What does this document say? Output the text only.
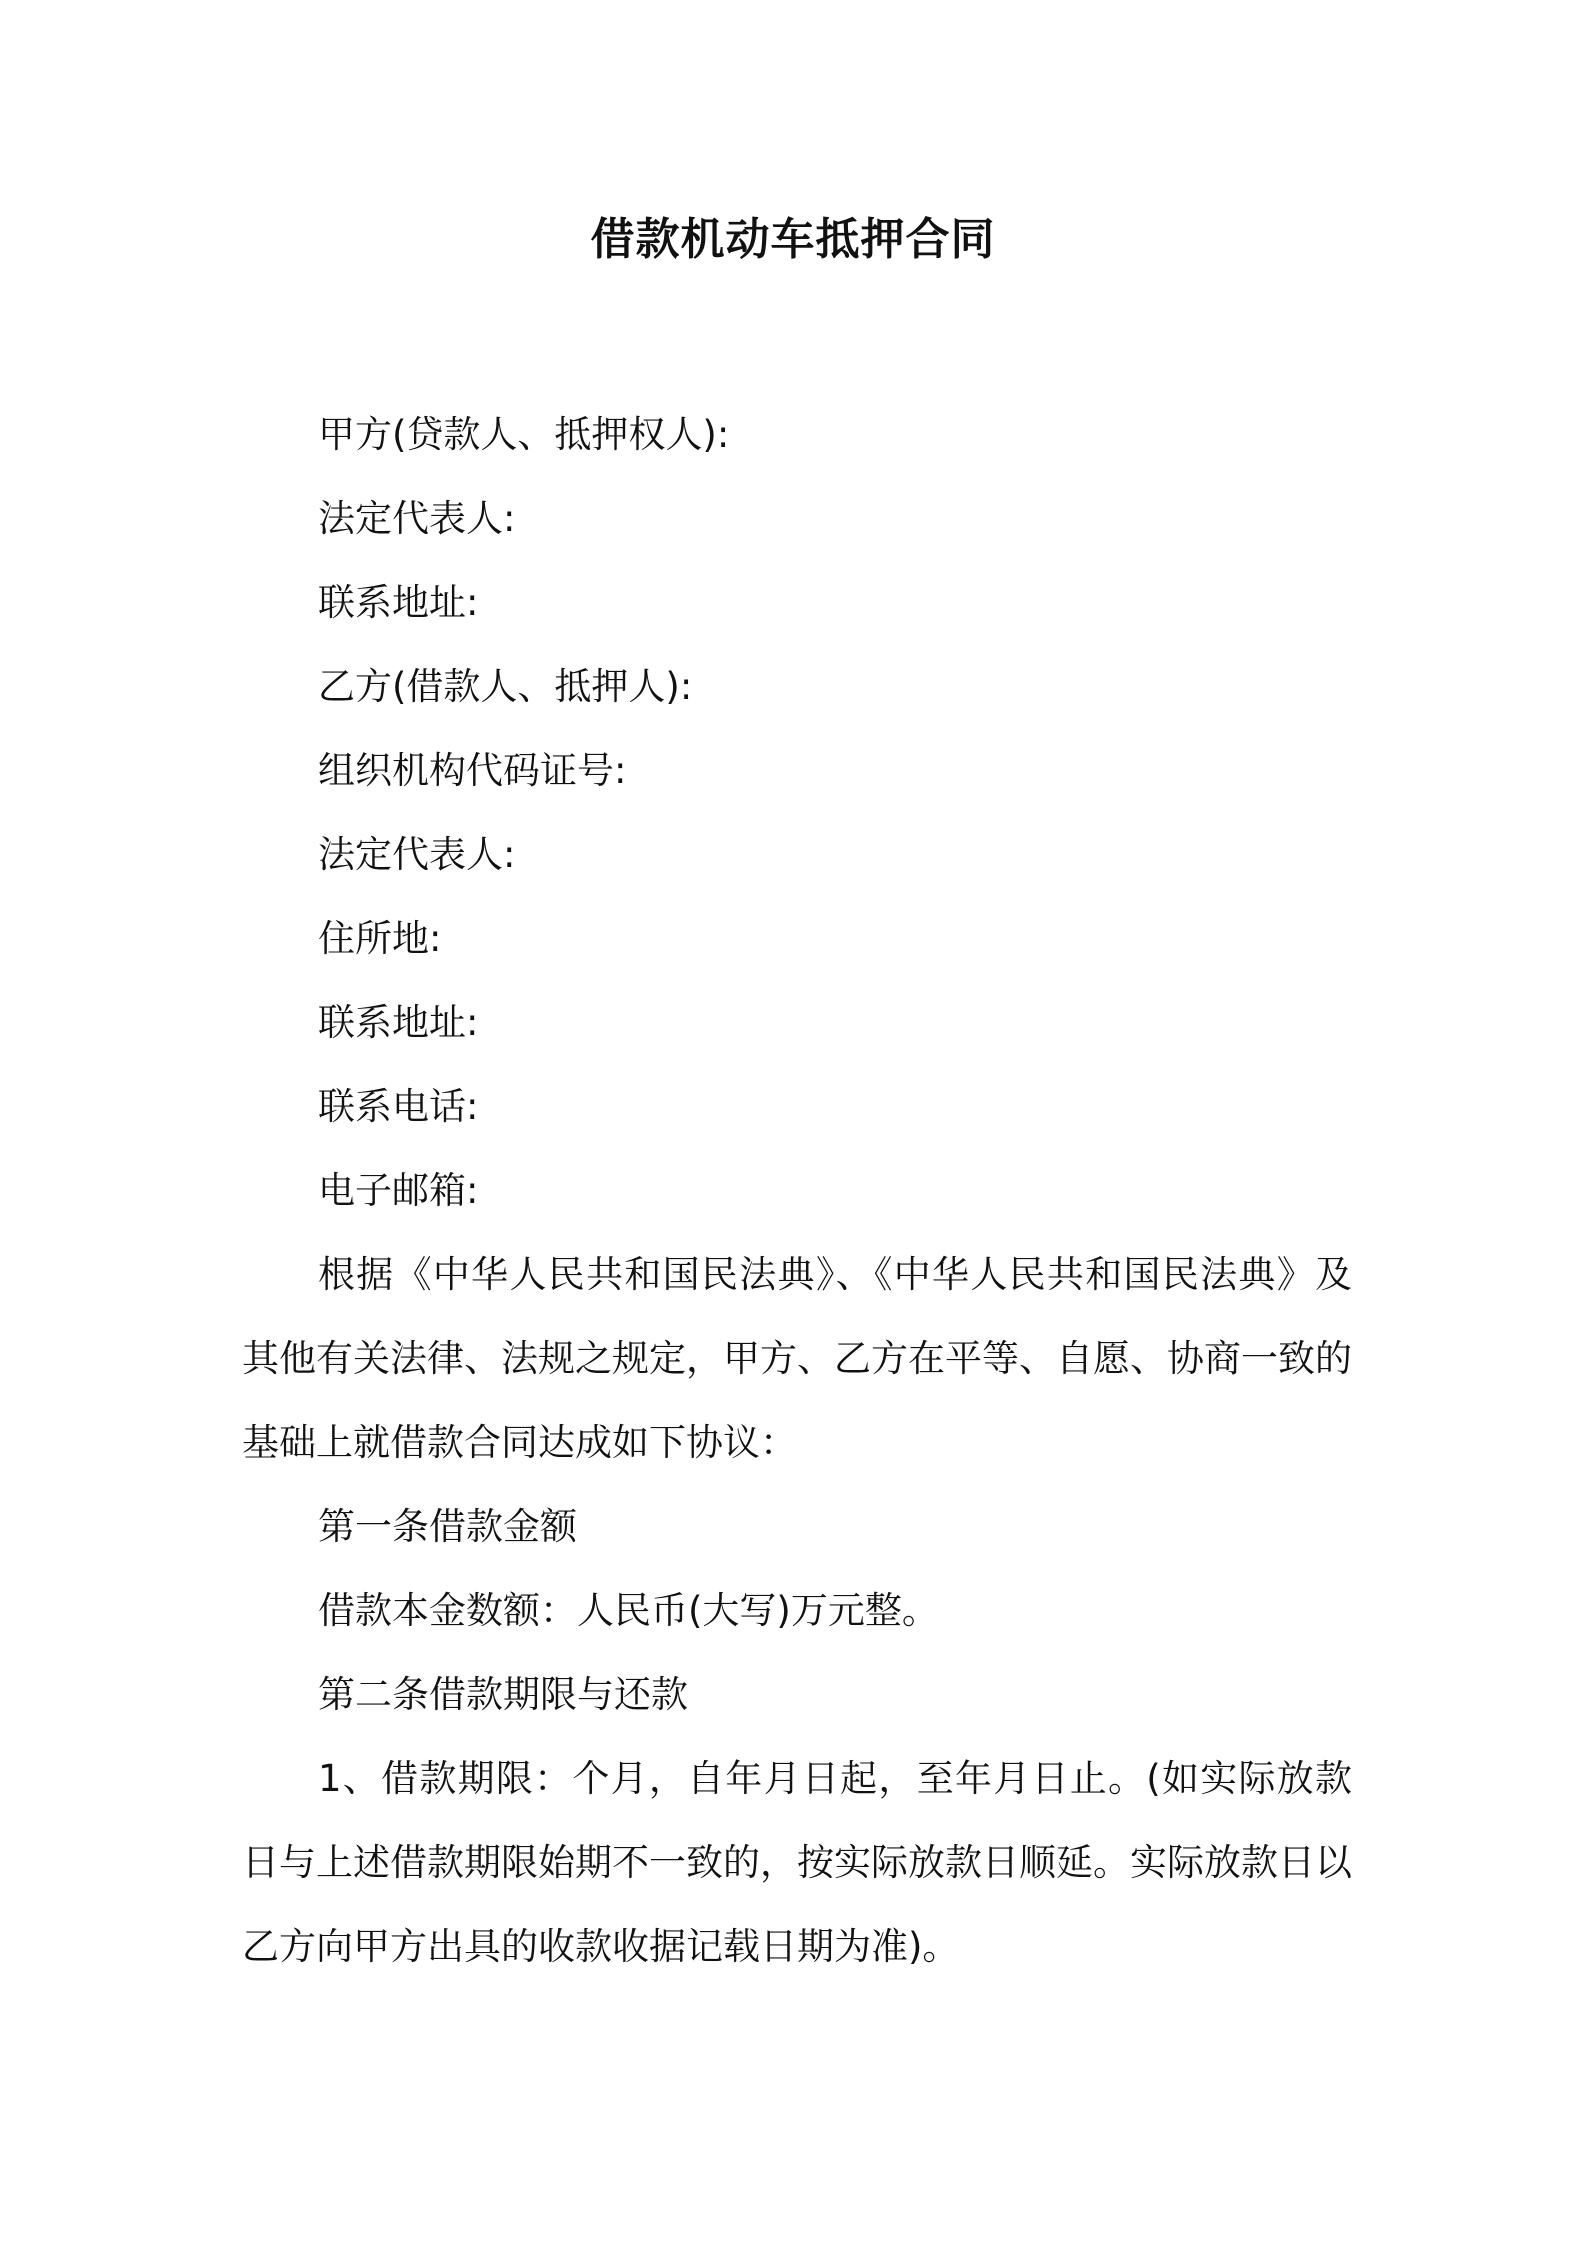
借款机动车抵押合同
甲方(贷款人、抵押权人):
法定代表人:
联系地址:
乙方(借款人、抵押人):
组织机构代码证号:
法定代表人:
住所地:
联系地址:
联系电话:
电子邮箱:

根据《中华人民共和国民法典》、《中华人民共和国民法典》及其他有关法律、法规之规定，甲方、乙方在平等、自愿、协商一致的基础上就借款合同达成如下协议：

第一条借款金额
借款本金数额：人民币(大写)万元整。
第二条借款期限与还款

1、借款期限：个月，自年月日起，至年月日止。(如实际放款日与上述借款期限始期不一致的，按实际放款日顺延。实际放款日以乙方向甲方出具的收款收据记载日期为准)。
